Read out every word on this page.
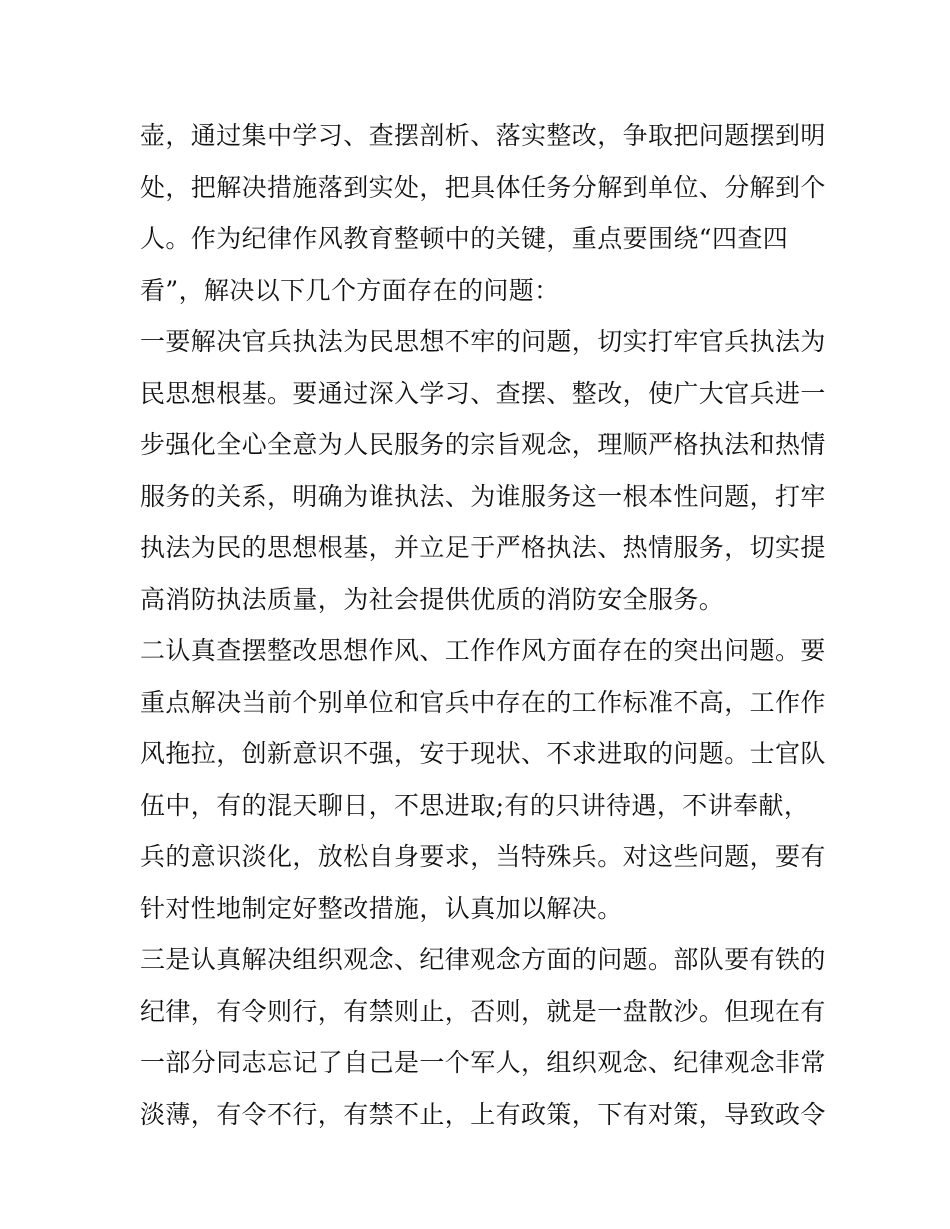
壶，通过集中学习、查摆剖析、落实整改，争取把问题摆到明
处，把解决措施落到实处，把具体任务分解到单位、分解到个
人。作为纪律作风教育整顿中的关键，重点要围绕“四查四
看”，解决以下几个方面存在的问题：
一要解决官兵执法为民思想不牢的问题，切实打牢官兵执法为
民思想根基。要通过深入学习、查摆、整改，使广大官兵进一
步强化全心全意为人民服务的宗旨观念，理顺严格执法和热情
服务的关系，明确为谁执法、为谁服务这一根本性问题，打牢
执法为民的思想根基，并立足于严格执法、热情服务，切实提
高消防执法质量，为社会提供优质的消防安全服务。
二认真查摆整改思想作风、工作作风方面存在的突出问题。要
重点解决当前个别单位和官兵中存在的工作标准不高，工作作
风拖拉，创新意识不强，安于现状、不求进取的问题。士官队
伍中，有的混天聊日，不思进取;有的只讲待遇，不讲奉献，
兵的意识淡化，放松自身要求，当特殊兵。对这些问题，要有
针对性地制定好整改措施，认真加以解决。
三是认真解决组织观念、纪律观念方面的问题。部队要有铁的
纪律，有令则行，有禁则止，否则，就是一盘散沙。但现在有
一部分同志忘记了自己是一个军人，组织观念、纪律观念非常
淡薄，有令不行，有禁不止，上有政策，下有对策，导致政令
